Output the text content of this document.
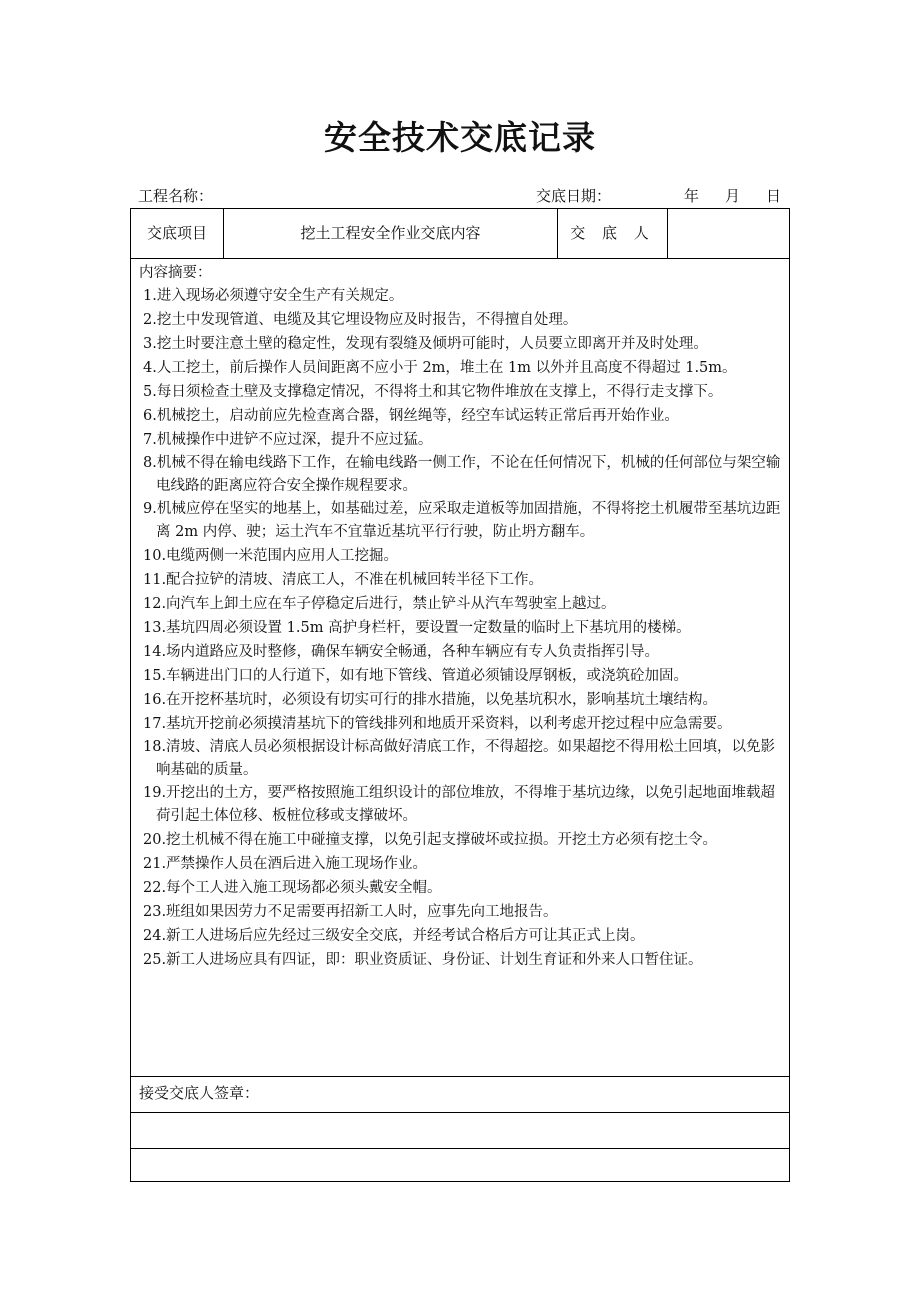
安全技术交底记录
工程名称：	交底日期：	年 月 日
交底项目	挖土工程安全作业交底内容	交 底 人
内容摘要：
1.进入现场必须遵守安全生产有关规定。
2.挖土中发现管道、电缆及其它埋设物应及时报告，不得擅自处理。
3.挖土时要注意土壁的稳定性，发现有裂缝及倾坍可能时，人员要立即离开并及时处理。
4.人工挖土，前后操作人员间距离不应小于 2m，堆土在 1m 以外并且高度不得超过 1.5m。
5.每日须检查土壁及支撑稳定情况，不得将土和其它物件堆放在支撑上，不得行走支撑下。
6.机械挖土，启动前应先检查离合器，钢丝绳等，经空车试运转正常后再开始作业。
7.机械操作中进铲不应过深，提升不应过猛。
8.机械不得在输电线路下工作，在输电线路一侧工作，不论在任何情况下，机械的任何部位与架空输电线路的距离应符合安全操作规程要求。
9.机械应停在坚实的地基上，如基础过差，应采取走道板等加固措施，不得将挖土机履带至基坑边距离 2m 内停、驶；运土汽车不宜靠近基坑平行行驶，防止坍方翻车。
10.电缆两侧一米范围内应用人工挖掘。
11.配合拉铲的清坡、清底工人，不准在机械回转半径下工作。
12.向汽车上卸土应在车子停稳定后进行，禁止铲斗从汽车驾驶室上越过。
13.基坑四周必须设置 1.5m 高护身栏杆，要设置一定数量的临时上下基坑用的楼梯。
14.场内道路应及时整修，确保车辆安全畅通，各种车辆应有专人负责指挥引导。
15.车辆进出门口的人行道下，如有地下管线、管道必须铺设厚钢板，或浇筑砼加固。
16.在开挖杯基坑时，必须设有切实可行的排水措施，以免基坑积水，影响基坑土壤结构。
17.基坑开挖前必须摸清基坑下的管线排列和地质开采资料，以利考虑开挖过程中应急需要。
18.清坡、清底人员必须根据设计标高做好清底工作，不得超挖。如果超挖不得用松土回填，以免影响基础的质量。
19.开挖出的土方，要严格按照施工组织设计的部位堆放，不得堆于基坑边缘，以免引起地面堆载超荷引起土体位移、板桩位移或支撑破坏。
20.挖土机械不得在施工中碰撞支撑，以免引起支撑破坏或拉损。开挖土方必须有挖土令。
21.严禁操作人员在酒后进入施工现场作业。
22.每个工人进入施工现场都必须头戴安全帽。
23.班组如果因劳力不足需要再招新工人时，应事先向工地报告。
24.新工人进场后应先经过三级安全交底，并经考试合格后方可让其正式上岗。
25.新工人进场应具有四证，即：职业资质证、身份证、计划生育证和外来人口暂住证。
接受交底人签章：
